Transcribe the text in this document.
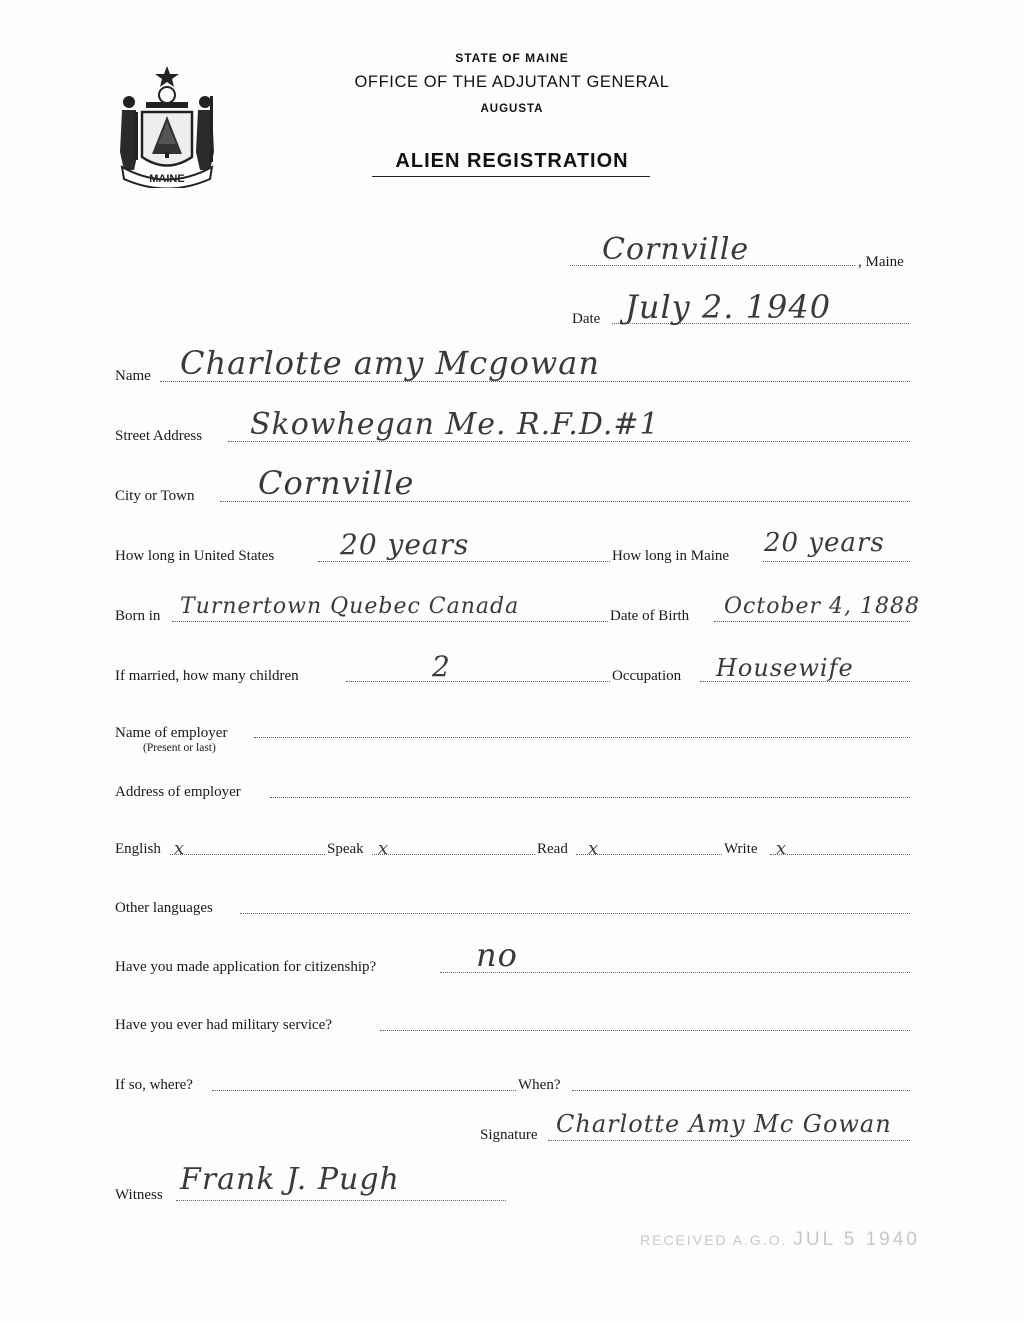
MAINE
STATE OF MAINE
OFFICE OF THE ADJUTANT GENERAL
AUGUSTA
ALIEN REGISTRATION
Cornville	, Maine
Date July 2. 1940
Name Charlotte amy Mcgowan
Street Address Skowhegan Me. R.F.D.#1
City or Town Cornville
How long in United States 20 years	How long in Maine 20 years
Born in Turnertown Quebec Canada	Date of Birth October 4, 1888
If married, how many children	2	Occupation Housewife
Name of employer
(Present or last)
Address of employer
English x	Speak x	Read x	Write x
Other languages
Have you made application for citizenship?	no
Have you ever had military service?
If so, where?	When?
Signature Charlotte Amy Mc Gowan
Witness Frank J. Pugh
RECEIVED A.G.O. JUL 5 1940
